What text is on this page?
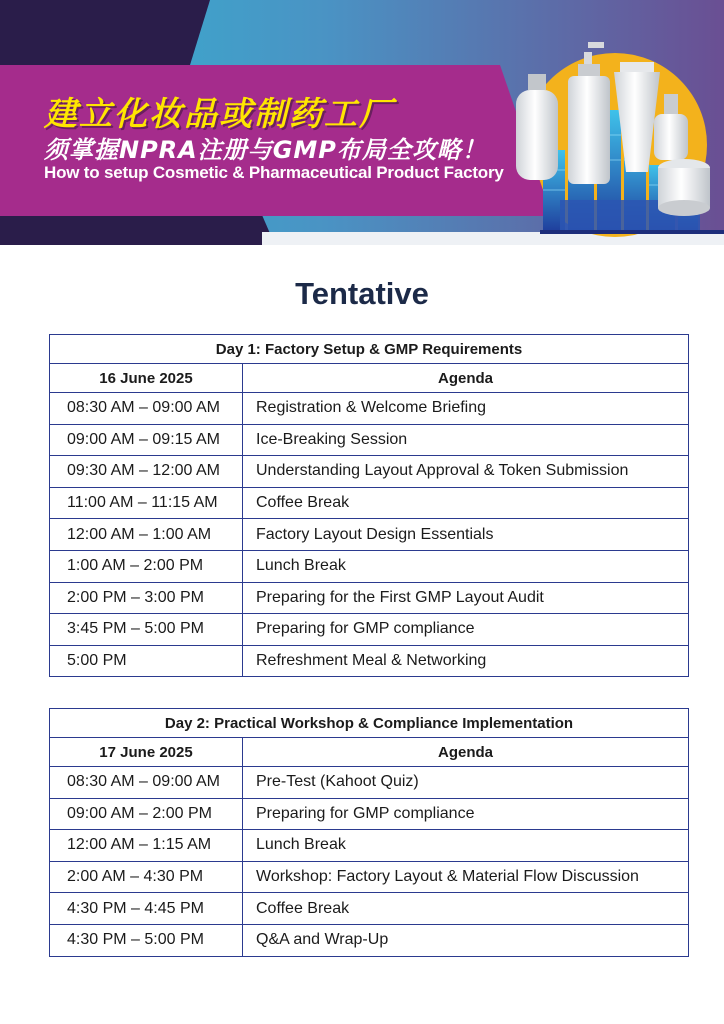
建立化妆品或制药工厂
须掌握NPRA注册与GMP布局全攻略！
How to setup Cosmetic & Pharmaceutical Product Factory
Tentative
Day 1: Factory Setup & GMP Requirements	
16 June 2025	Agenda
08:30 AM – 09:00 AM	Registration & Welcome Briefing
09:00 AM – 09:15 AM	Ice-Breaking Session
09:30 AM – 12:00 AM	Understanding Layout Approval & Token Submission
11:00 AM – 11:15 AM	Coffee Break
12:00 AM – 1:00 AM	Factory Layout Design Essentials
1:00 AM – 2:00 PM	Lunch Break
2:00 PM – 3:00 PM	Preparing for the First GMP Layout Audit
3:45 PM – 5:00 PM	Preparing for GMP compliance
5:00 PM	Refreshment Meal & Networking
Day 2: Practical Workshop & Compliance Implementation	
17 June 2025	Agenda
08:30 AM – 09:00 AM	Pre-Test (Kahoot Quiz)
09:00 AM – 2:00 PM	Preparing for GMP compliance
12:00 AM – 1:15 AM	Lunch Break
2:00 AM – 4:30 PM	Workshop: Factory Layout & Material Flow Discussion
4:30 PM – 4:45 PM	Coffee Break
4:30 PM – 5:00 PM	Q&A and Wrap-Up
